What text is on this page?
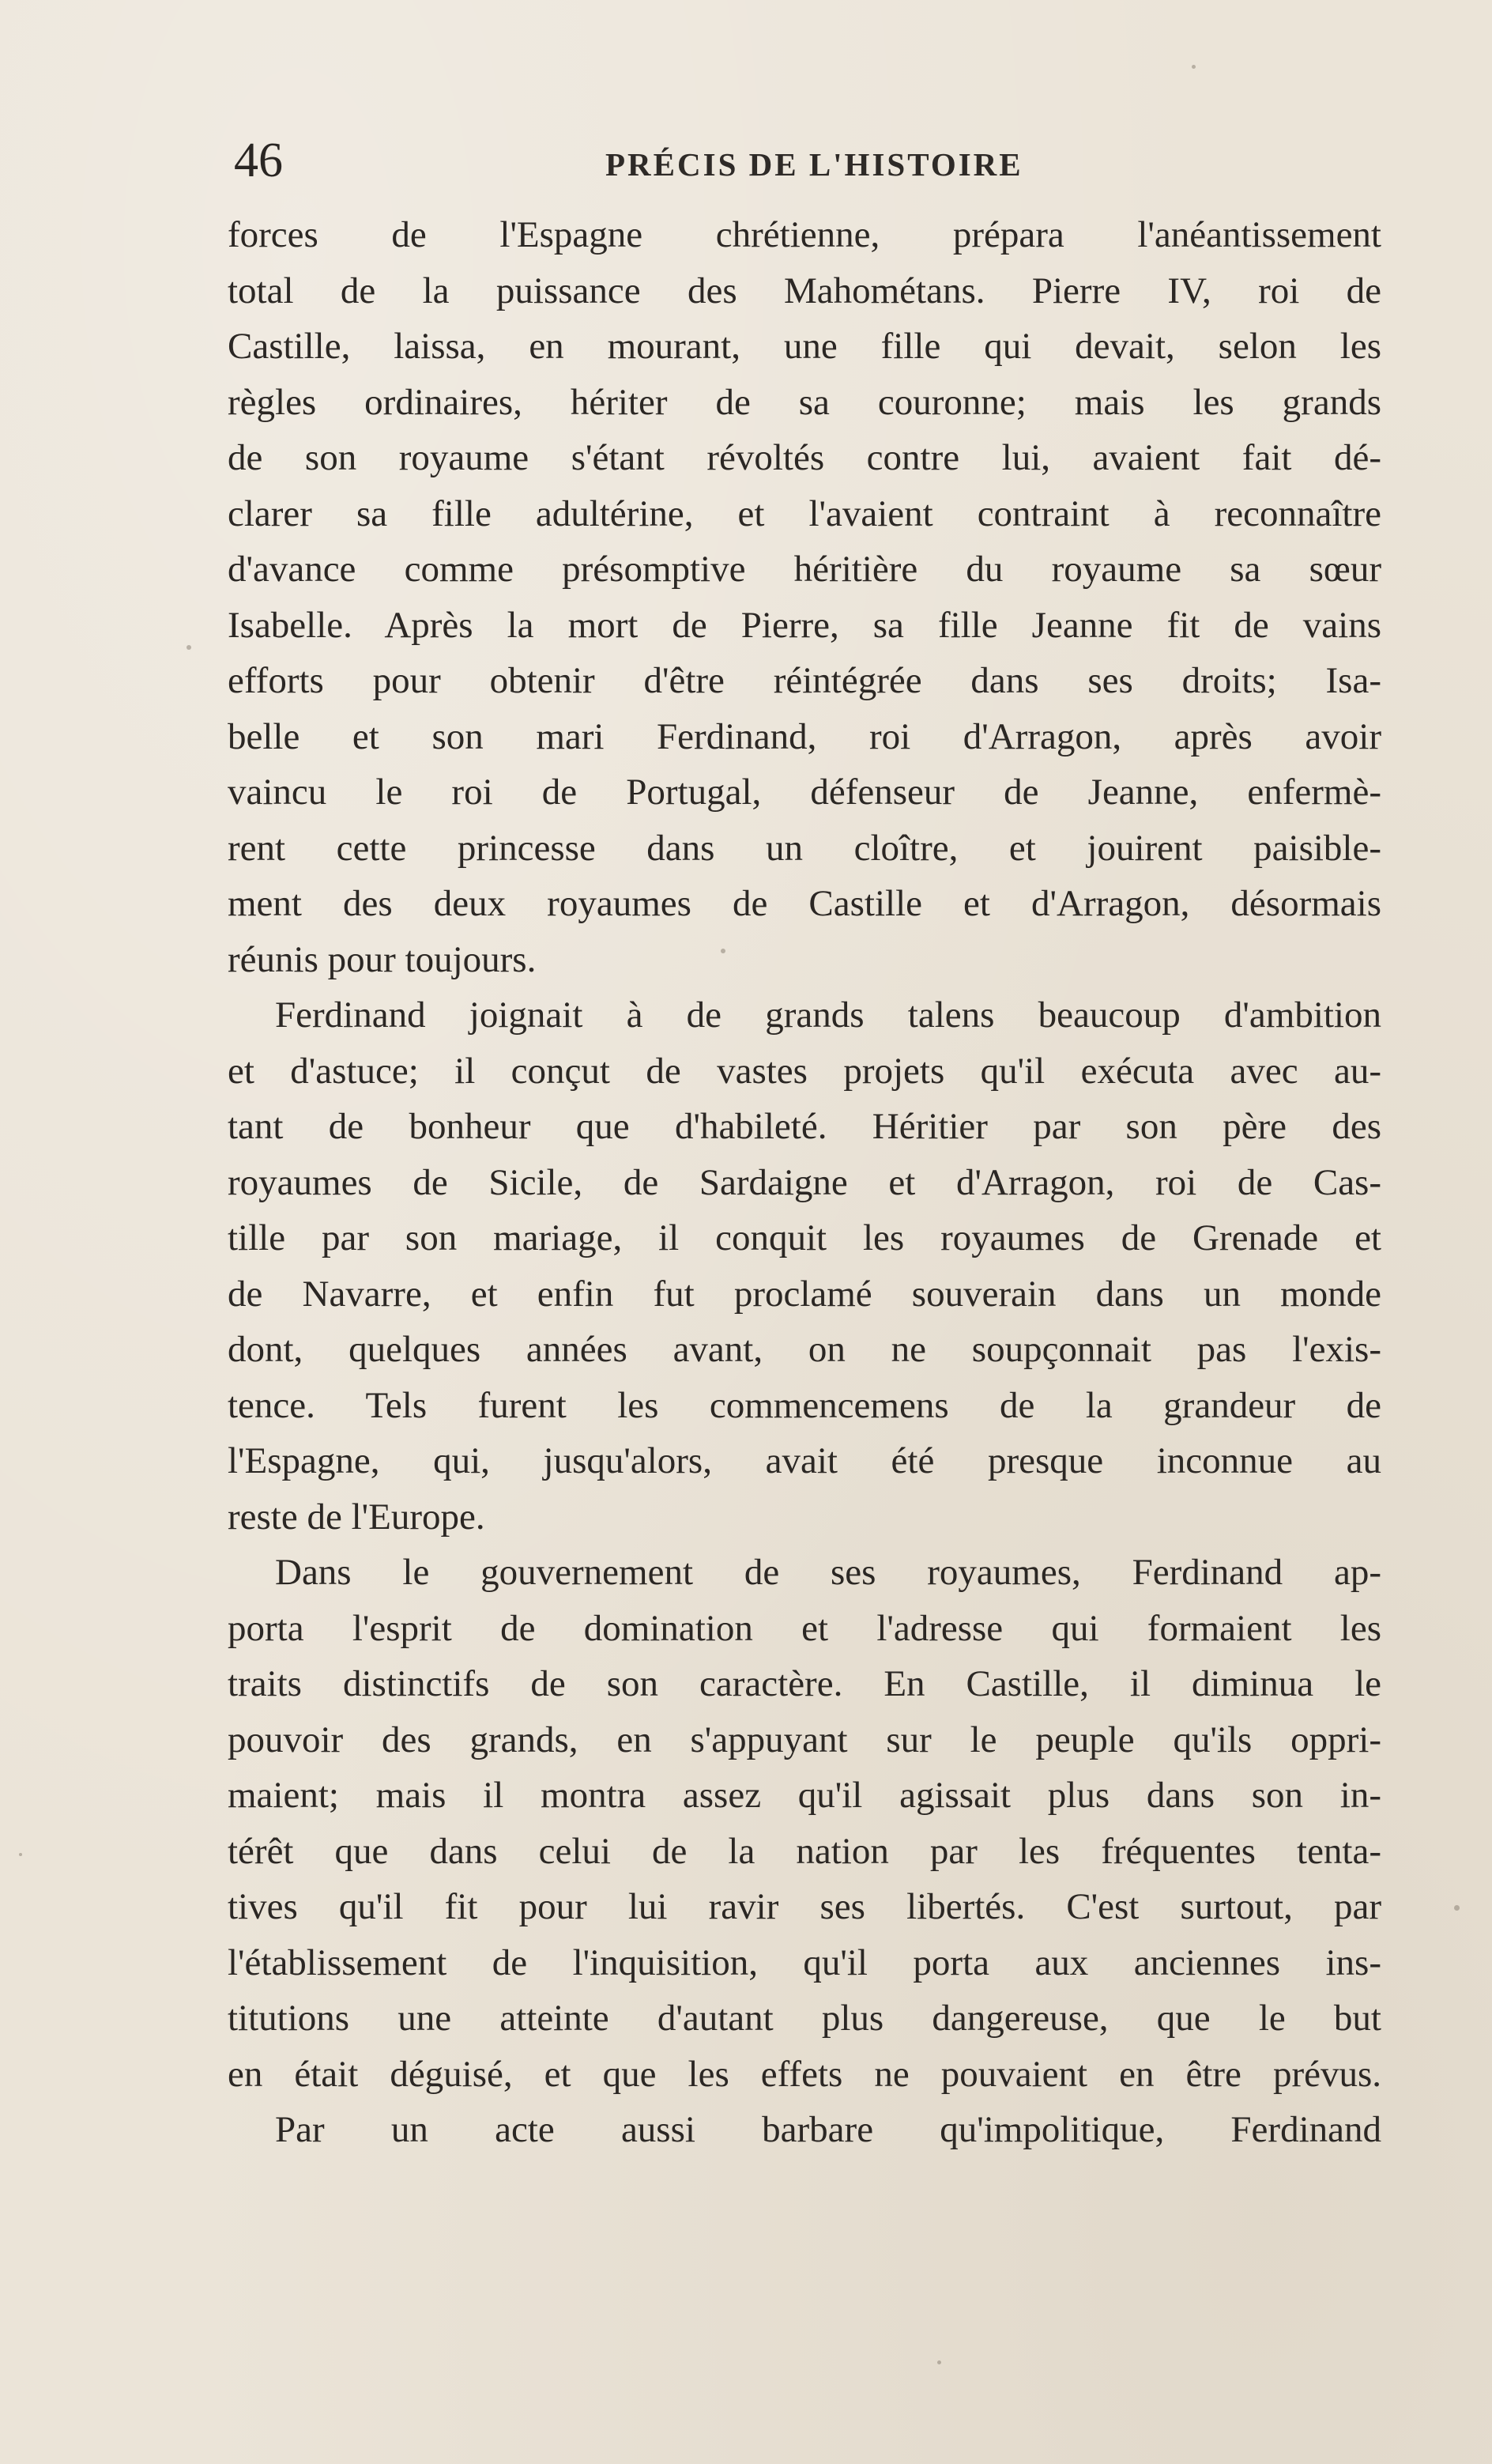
46	PRÉCIS DE L'HISTOIRE
forces de l'Espagne chrétienne, prépara l'anéantissement
total de la puissance des Mahométans. Pierre IV, roi de
Castille, laissa, en mourant, une fille qui devait, selon les
règles ordinaires, hériter de sa couronne; mais les grands
de son royaume s'étant révoltés contre lui, avaient fait dé-
clarer sa fille adultérine, et l'avaient contraint à reconnaître
d'avance comme présomptive héritière du royaume sa sœur
Isabelle. Après la mort de Pierre, sa fille Jeanne fit de vains
efforts pour obtenir d'être réintégrée dans ses droits; Isa-
belle et son mari Ferdinand, roi d'Arragon, après avoir
vaincu le roi de Portugal, défenseur de Jeanne, enfermè-
rent cette princesse dans un cloître, et jouirent paisible-
ment des deux royaumes de Castille et d'Arragon, désormais
réunis pour toujours.
Ferdinand joignait à de grands talens beaucoup d'ambition
et d'astuce; il conçut de vastes projets qu'il exécuta avec au-
tant de bonheur que d'habileté. Héritier par son père des
royaumes de Sicile, de Sardaigne et d'Arragon, roi de Cas-
tille par son mariage, il conquit les royaumes de Grenade et
de Navarre, et enfin fut proclamé souverain dans un monde
dont, quelques années avant, on ne soupçonnait pas l'exis-
tence. Tels furent les commencemens de la grandeur de
l'Espagne, qui, jusqu'alors, avait été presque inconnue au
reste de l'Europe.
Dans le gouvernement de ses royaumes, Ferdinand ap-
porta l'esprit de domination et l'adresse qui formaient les
traits distinctifs de son caractère. En Castille, il diminua le
pouvoir des grands, en s'appuyant sur le peuple qu'ils oppri-
maient; mais il montra assez qu'il agissait plus dans son in-
térêt que dans celui de la nation par les fréquentes tenta-
tives qu'il fit pour lui ravir ses libertés. C'est surtout, par
l'établissement de l'inquisition, qu'il porta aux anciennes ins-
titutions une atteinte d'autant plus dangereuse, que le but
en était déguisé, et que les effets ne pouvaient en être prévus.
Par un acte aussi barbare qu'impolitique, Ferdinand
